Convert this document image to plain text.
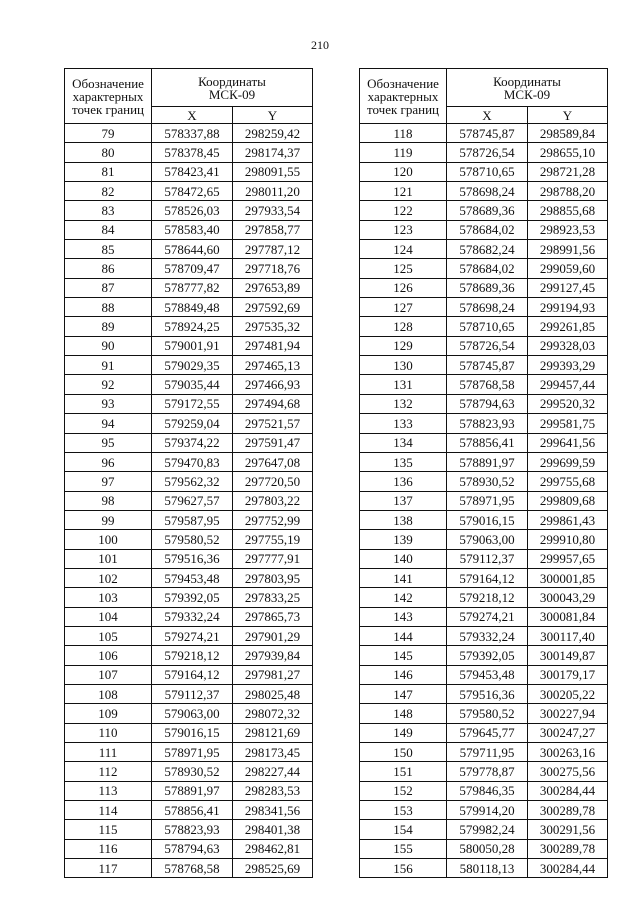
210
Обозначение
характерных
точек границ	Координаты
МСК-09	

	X	Y
79	578337,88	298259,42
80	578378,45	298174,37
81	578423,41	298091,55
82	578472,65	298011,20
83	578526,03	297933,54
84	578583,40	297858,77
85	578644,60	297787,12
86	578709,47	297718,76
87	578777,82	297653,89
88	578849,48	297592,69
89	578924,25	297535,32
90	579001,91	297481,94
91	579029,35	297465,13
92	579035,44	297466,93
93	579172,55	297494,68
94	579259,04	297521,57
95	579374,22	297591,47
96	579470,83	297647,08
97	579562,32	297720,50
98	579627,57	297803,22
99	579587,95	297752,99
100	579580,52	297755,19
101	579516,36	297777,91
102	579453,48	297803,95
103	579392,05	297833,25
104	579332,24	297865,73
105	579274,21	297901,29
106	579218,12	297939,84
107	579164,12	297981,27
108	579112,37	298025,48
109	579063,00	298072,32
110	579016,15	298121,69
111	578971,95	298173,45
112	578930,52	298227,44
113	578891,97	298283,53
114	578856,41	298341,56
115	578823,93	298401,38
116	578794,63	298462,81
117	578768,58	298525,69
Обозначение
характерных
точек границ	Координаты
МСК-09	

	X	Y
118	578745,87	298589,84
119	578726,54	298655,10
120	578710,65	298721,28
121	578698,24	298788,20
122	578689,36	298855,68
123	578684,02	298923,53
124	578682,24	298991,56
125	578684,02	299059,60
126	578689,36	299127,45
127	578698,24	299194,93
128	578710,65	299261,85
129	578726,54	299328,03
130	578745,87	299393,29
131	578768,58	299457,44
132	578794,63	299520,32
133	578823,93	299581,75
134	578856,41	299641,56
135	578891,97	299699,59
136	578930,52	299755,68
137	578971,95	299809,68
138	579016,15	299861,43
139	579063,00	299910,80
140	579112,37	299957,65
141	579164,12	300001,85
142	579218,12	300043,29
143	579274,21	300081,84
144	579332,24	300117,40
145	579392,05	300149,87
146	579453,48	300179,17
147	579516,36	300205,22
148	579580,52	300227,94
149	579645,77	300247,27
150	579711,95	300263,16
151	579778,87	300275,56
152	579846,35	300284,44
153	579914,20	300289,78
154	579982,24	300291,56
155	580050,28	300289,78
156	580118,13	300284,44
